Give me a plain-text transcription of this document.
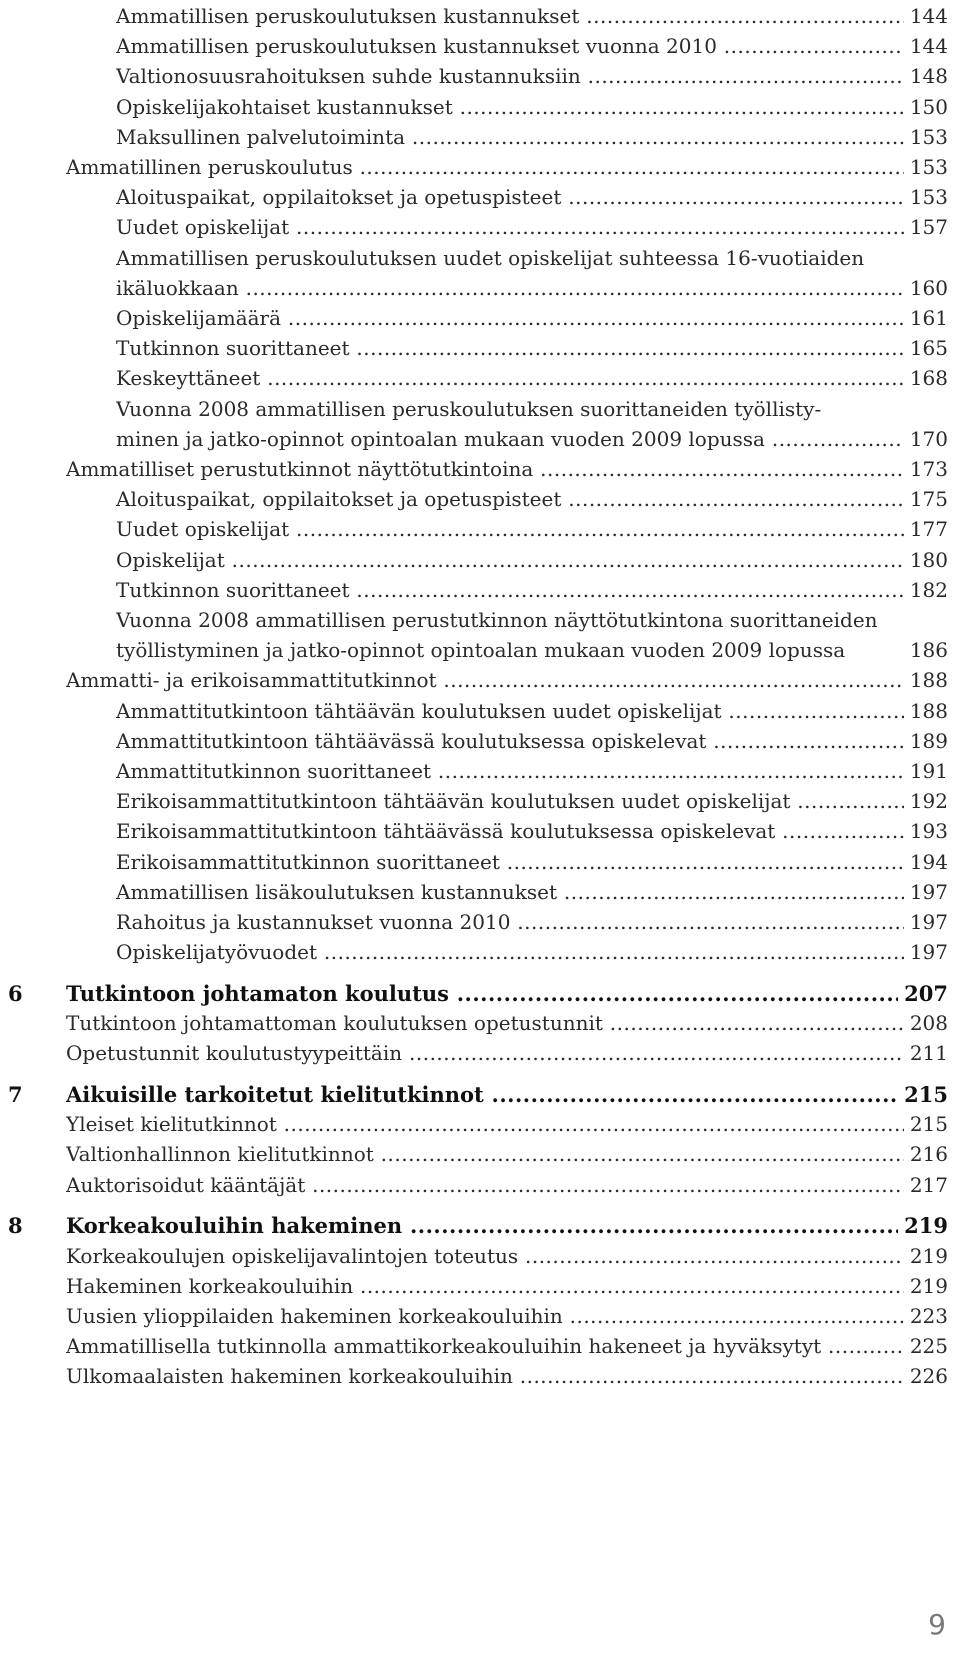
Ammatillisen peruskoulutuksen kustannukset .....	144
Ammatillisen peruskoulutuksen kustannukset vuonna 2010 .....	144
Valtionosuusrahoituksen suhde kustannuksiin .....	148
Opiskelijakohtaiset kustannukset .....	150
Maksullinen palvelutoiminta .....	153
Ammatillinen peruskoulutus .....	153
Aloituspaikat, oppilaitokset ja opetuspisteet .....	153
Uudet opiskelijat .....	157
Ammatillisen peruskoulutuksen uudet opiskelijat suhteessa 16-vuotiaiden
ikäluokkaan .....	160
Opiskelijamäärä .....	161
Tutkinnon suorittaneet .....	165
Keskeyttäneet .....	168
Vuonna 2008 ammatillisen peruskoulutuksen suorittaneiden työllisty-
minen ja jatko-opinnot opintoalan mukaan vuoden 2009 lopussa .....	170
Ammatilliset perustutkinnot näyttötutkintoina .....	173
Aloituspaikat, oppilaitokset ja opetuspisteet .....	175
Uudet opiskelijat .....	177
Opiskelijat .....	180
Tutkinnon suorittaneet .....	182
Vuonna 2008 ammatillisen perustutkinnon näyttötutkintona suorittaneiden
työllistyminen ja jatko-opinnot opintoalan mukaan vuoden 2009 lopussa	186
Ammatti- ja erikoisammattitutkinnot .....	188
Ammattitutkintoon tähtäävän koulutuksen uudet opiskelijat .....	188
Ammattitutkintoon tähtäävässä koulutuksessa opiskelevat .....	189
Ammattitutkinnon suorittaneet .....	191
Erikoisammattitutkintoon tähtäävän koulutuksen uudet opiskelijat .....	192
Erikoisammattitutkintoon tähtäävässä koulutuksessa opiskelevat .....	193
Erikoisammattitutkinnon suorittaneet .....	194
Ammatillisen lisäkoulutuksen kustannukset .....	197
Rahoitus ja kustannukset vuonna 2010 .....	197
Opiskelijatyövuodet .....	197
6 Tutkintoon johtamaton koulutus .....	207
Tutkintoon johtamattoman koulutuksen opetustunnit .....	208
Opetustunnit koulutustyypeittäin .....	211
7 Aikuisille tarkoitetut kielitutkinnot .....	215
Yleiset kielitutkinnot .....	215
Valtionhallinnon kielitutkinnot .....	216
Auktorisoidut kääntäjät .....	217
8 Korkeakouluihin hakeminen .....	219
Korkeakoulujen opiskelijavalintojen toteutus .....	219
Hakeminen korkeakouluihin .....	219
Uusien ylioppilaiden hakeminen korkeakouluihin .....	223
Ammatillisella tutkinnolla ammattikorkeakouluihin hakeneet ja hyväksytyt .....	225
Ulkomaalaisten hakeminen korkeakouluihin .....	226
9
